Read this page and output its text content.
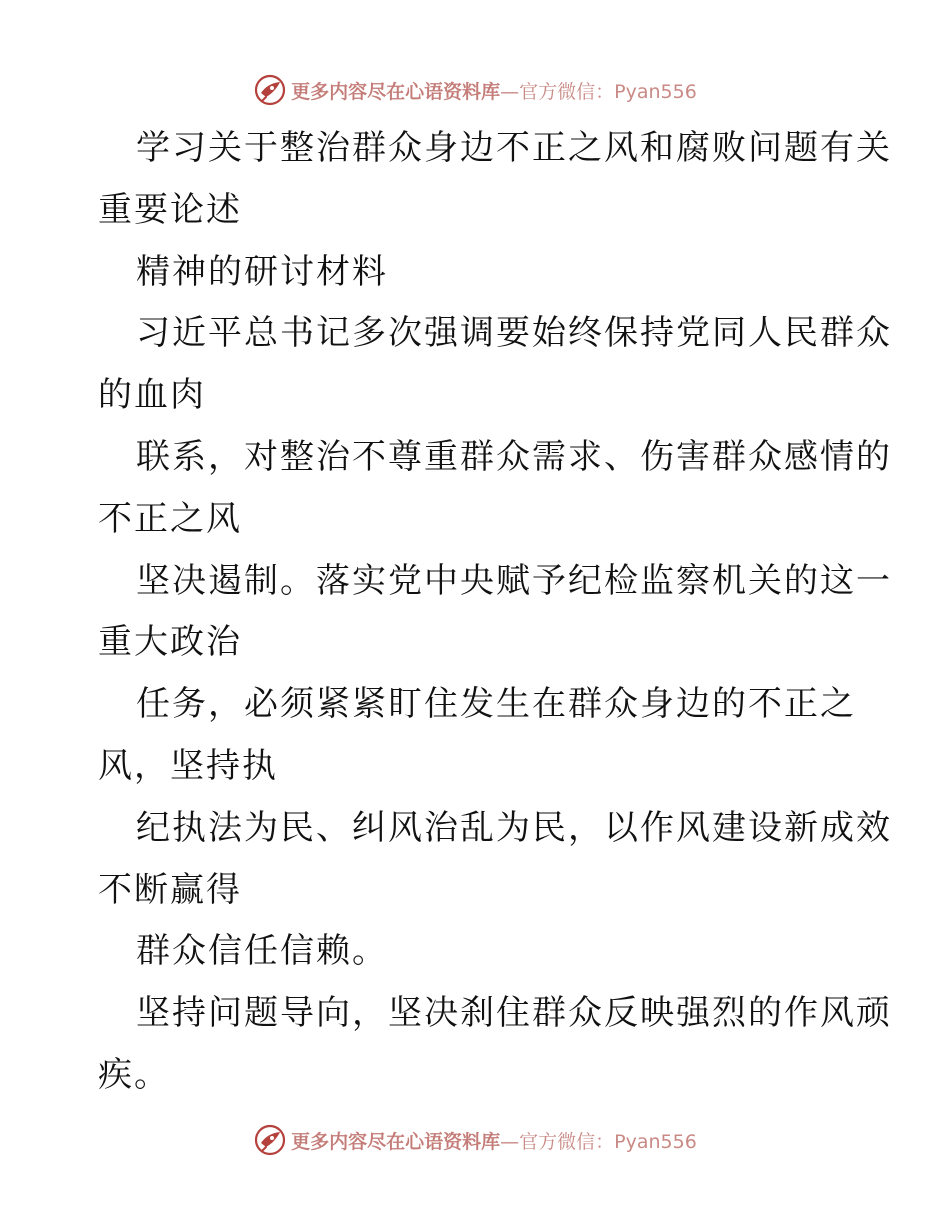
更多内容尽在心语资料库—官方微信：Pyan556
学习关于整治群众身边不正之风和腐败问题有关
重要论述
精神的研讨材料
习近平总书记多次强调要始终保持党同人民群众
的血肉
联系，对整治不尊重群众需求、伤害群众感情的
不正之风
坚决遏制。落实党中央赋予纪检监察机关的这一
重大政治
任务，必须紧紧盯住发生在群众身边的不正之
风，坚持执
纪执法为民、纠风治乱为民，以作风建设新成效
不断赢得
群众信任信赖。
坚持问题导向，坚决刹住群众反映强烈的作风顽
疾。
更多内容尽在心语资料库—官方微信：Pyan556
